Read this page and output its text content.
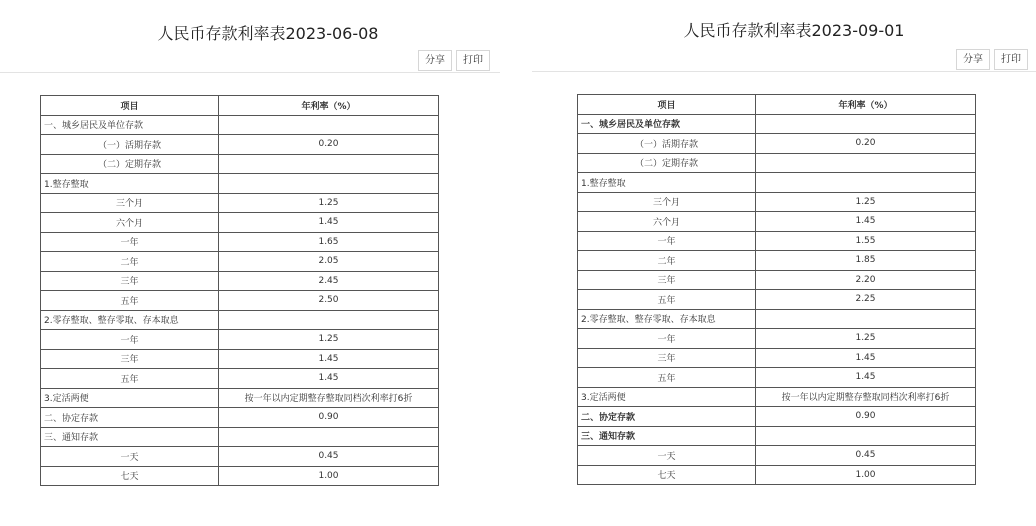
人民币存款利率表2023-06-08
分享	打印
项目	年利率（%）
一、城乡居民及单位存款	
（一）活期存款	0.20
（二）定期存款	
1.整存整取	
三个月	1.25
六个月	1.45
一年	1.65
二年	2.05
三年	2.45
五年	2.50
2.零存整取、整存零取、存本取息	
一年	1.25
三年	1.45
五年	1.45
3.定活两便	按一年以内定期整存整取同档次利率打6折
二、协定存款	0.90
三、通知存款	
一天	0.45
七天	1.00
人民币存款利率表2023-09-01
分享	打印
项目	年利率（%）
一、城乡居民及单位存款	
（一）活期存款	0.20
（二）定期存款	
1.整存整取	
三个月	1.25
六个月	1.45
一年	1.55
二年	1.85
三年	2.20
五年	2.25
2.零存整取、整存零取、存本取息	
一年	1.25
三年	1.45
五年	1.45
3.定活两便	按一年以内定期整存整取同档次利率打6折
二、协定存款	0.90
三、通知存款	
一天	0.45
七天	1.00
